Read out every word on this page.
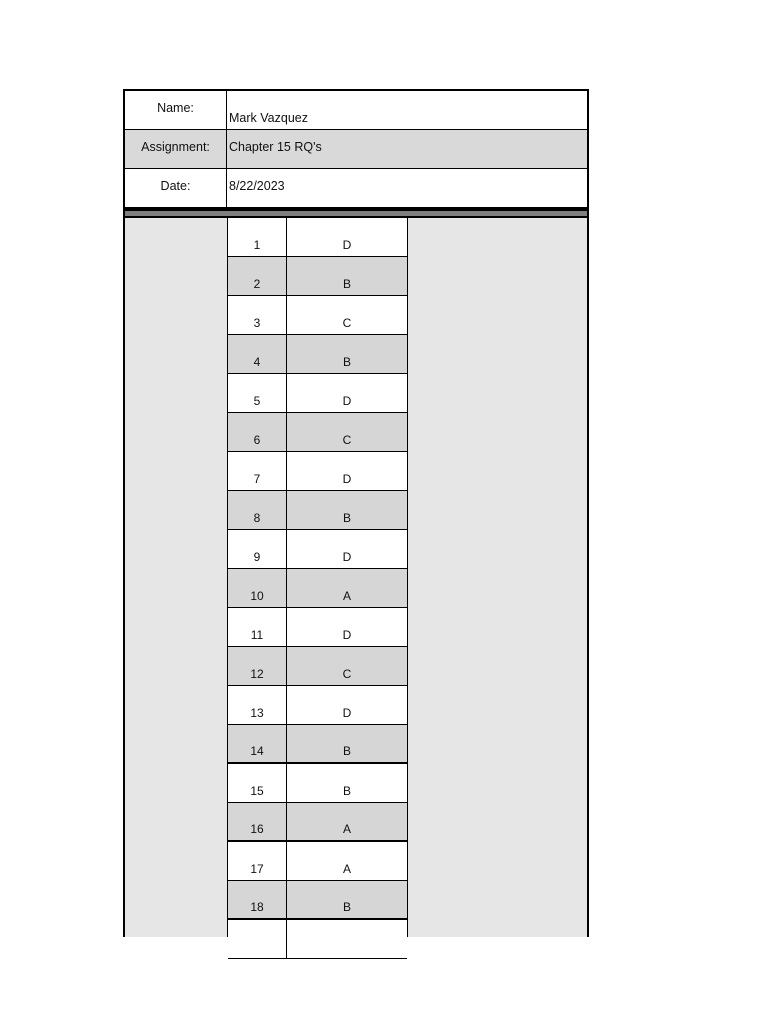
Name:
Mark Vazquez
Assignment:	Chapter 15 RQ's
Date:	8/22/2023
1	D
2	B
3	C
4	B
5	D
6	C
7	D
8	B
9	D
10	A
11	D
12	C
13	D
14	B
15	B
16	A
17	A
18	B
